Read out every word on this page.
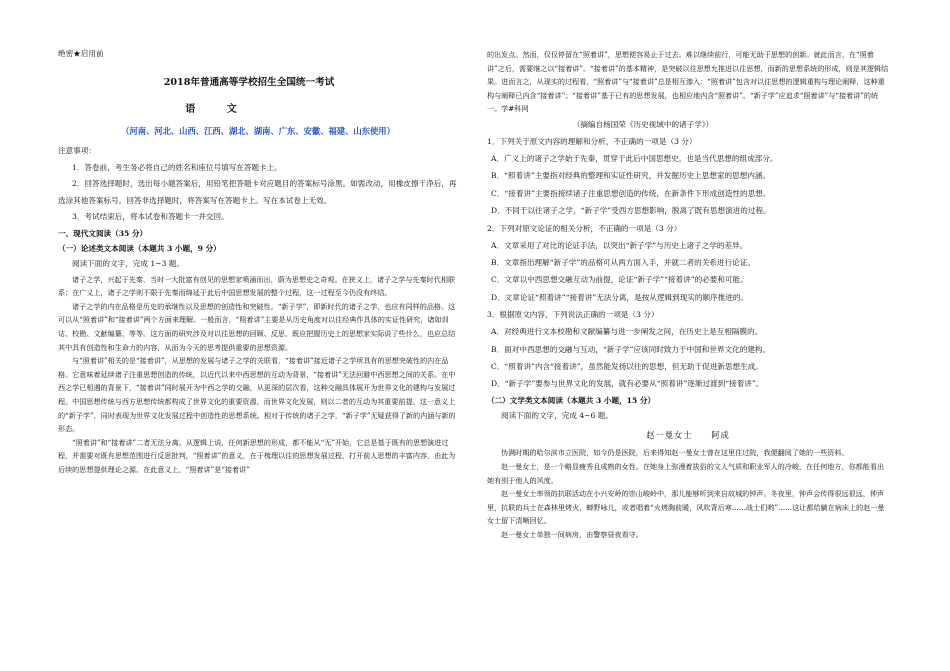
绝密★启用前

2018年普通高等学校招生全国统一考试

语 文

（河南、河北、山西、江西、湖北、湖南、广东、安徽、福建、山东使用）

注意事项：

1．答卷前，考生务必将自己的姓名和座位号填写在答题卡上。

2．回答选择题时，选出每小题答案后，用铅笔把答题卡对应题目的答案标号涂黑。如需改动，用橡皮擦干净后，再选涂其他答案标号。回答非选择题时，将答案写在答题卡上。写在本试卷上无效。

3．考试结束后，将本试卷和答题卡一并交回。

一、现代文阅读（35 分）

（一）论述类文本阅读（本题共 3 小题，9 分）

阅读下面的文字，完成 1~3 题。

诸子之学，兴起于先秦，当时一大批富有创见的思想家喷涌而出，蔚为思想史之奇观。在狭义上，诸子之学与先秦时代相联系；在广义上，诸子之学则不限于先秦而绵延于此后中国思想发展的整个过程，这一过程至今仍没有终结。

诸子之学的内在品格是历史的承继性以及思想的创造性和突破性。“新子学”，即新时代的诸子之学，也应有同样的品格。这可以从“照着讲”和“接着讲”两个方面来理解。一般而言，“照着讲”主要是从历史角度对以往经典作具体的实证性研究，诸如训诂、校勘、文献编纂，等等。这方面的研究涉及对以往思想的回顾、反思，既应把握历史上的思想家实际说了些什么，也应总结其中具有创造性和生命力的内容，从而为今天的思考提供重要的思想资源。

与“照着讲”相关的是“接着讲”，从思想的发展与诸子之学的关联看，“接着讲”接近诸子之学所具有的思想突破性的内在品格。它意味着延续诸子注重思想创造的传统，以近代以来中西思想的互动为背景，“接着讲”无法回避中西思想之间的关系。在中西之学已相遇的背景下，“接着讲”同时展开为中西之学的交融，从更深的层次看，这种交融具体展开为世界文化的建构与发展过程。中国思想传统与西方思想传统都构成了世界文化的重要资源，而世界文化发展，则以二者的互动为其重要前提。这一意义上的“新子学”，同时表现为世界文化发展过程中创造性的思想系统。相对于传统的诸子之学，“新子学”无疑获得了新的内涵与新的形态。

“照着讲”和“接着讲”二者无法分离。从逻辑上说，任何新思想的形成，都不能从“无”开始，它总是基于既有的思想演进过程，并需要对既有思想范围进行反思批判，“照着讲”的意义，在于梳理以往的思想发展过程，打开前人思想的丰富内容，由此为后续的思想提供理论之源。在此意义上，“照着讲”是“接着讲”

的出发点。然而，仅仅停留在“照着讲”，思想便容易止于过去。难以继续前行，可能无助于思想的创新。就此而言，在“照着讲”之后，需要继之以“接着讲”。“接着讲”的基本精神，是突破以往思想允推进以往思想，而新的思想系统的形成，则是其逻辑结果。进而言之，从现实的过程看，“照着讲”与“接着讲”总是相互渗入：“照着讲”包含对以往思想的逻辑重构与理论阐释，这种重构与阐释已内含“接着讲”；“接着讲”基于已有的思想发展，也相应地内含“照着讲”。“新子学”应追求“照着讲”与“接着讲”的统一。学#科网

（摘编自杨国荣《历史视域中的诸子学》）

1．下列关于原文内容的理解和分析，不正确的一项是（3 分）

A．广义上的诸子之学始于先秦，贯穿于此后中国思想史，也是当代思想的组成部分。

B．“照着讲”主要指对经典的整理和实证性研究，并发掘历史上思想家的思想内涵。

C．“接着讲”主要指接续诸子注重思想创造的传统，在新条件下形成创造性的思想。

D．不同于以往诸子之学，“新子学”受西方思想影响，脱离了既有思想演进的过程。

2．下列对原文论证的相关分析，不正确的一项是（3 分）

A．文章采用了对比的论证手法，以突出“新子学”与历史上诸子之学的差异。

B．文章指出理解“新子学”的品格可从两方面入手，并就二者的关系进行论证。

C．文章以中西思想交融互动为前提，论证“新子学”“接着讲”的必要和可能。

D．文章论证“照着讲”“接着讲”无法分离，是按从逻辑到现实的顺序推进的。

3．根据原文内容，下列说法正确的一项是（3 分）

A．对经典进行文本校勘和文献编纂与进一步阐发之间，在历史上是互相隔膜的。

B．面对中西思想的交融与互动，“新子学”应该同时致力于中国和世界文化的建构。

C．“照着讲”内含“接着讲”，虽然能发扬以往的思想，但无助于促进新思想生成。

D．“新子学”要参与世界文化的发展，就有必要从“照着讲”逐渐过渡到“接着讲”。

（二）文学类文本阅读（本题共 3 小题，15 分）

阅读下面的文字，完成 4~6 题。

赵一曼女士　　阿成

伪满时期的哈尔滨市立医院，如今仍是医院，后来得知赵一曼女士曾在这里住过院，我便翻阅了她的一些资料。

赵一曼女士，是一个略显瘦秀且成熟的女性。在她身上弥漫着拔俗的文人气质和职业军人的冷峻，在任何地方，你都能看出她有别于他人的风度。

赵一曼女士率领的抗联活动在小兴安岭的崇山峻岭中，那儿能够听到来自故城的钟声。冬夜里，钟声会传得很远很远，钟声里，抗联的兵士在森林里烤火，蝉野咏儿，或者唱着“火烤胸前暖，风吹背后寒……战士们哟”……这让都给躺在病床上的赵一曼女士留下清晰回忆。

赵一曼女士单独一间病房，由警察昼夜看守。
